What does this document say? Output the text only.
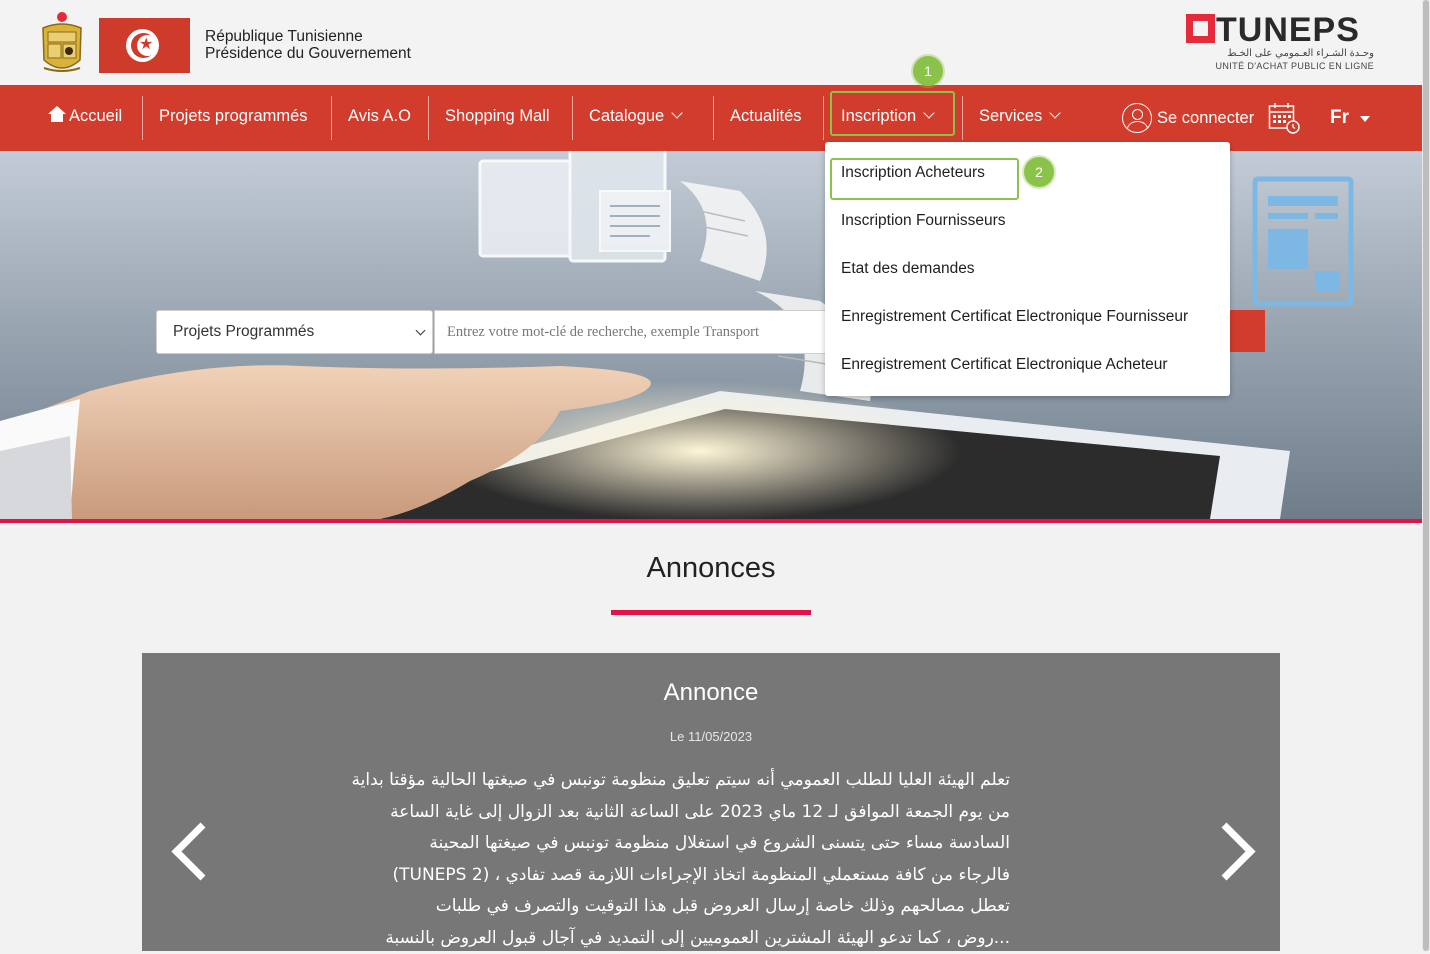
★	République Tunisienne
Présidence du Gouvernement
TUNEPS
وحـدة الشـراء العـمومي على الخـط
UNITÉ D'ACHAT PUBLIC EN LIGNE
Accueil Projets programmés Avis A.O Shopping Mall Catalogue	Actualités Inscription	Services	Se connecter	Fr
1
Projets Programmés	Entrez votre mot-clé de recherche, exemple Transport
Inscription Acheteurs
Inscription Fournisseurs
Etat des demandes
Enregistrement Certificat Electronique Fournisseur
Enregistrement Certificat Electronique Acheteur
2
Annonces
Annonce
Le 11/05/2023
تعلم الهيئة العليا للطلب العمومي أنه سيتم تعليق منظومة تونبس في صيغتها الحالية مؤقتا بداية
من يوم الجمعة الموافق لـ 12 ماي 2023 على الساعة الثانية بعد الزوال إلى غاية الساعة
السادسة مساء حتى يتسنى الشروع في استغلال منظومة تونبس في صيغتها المحينة
فالرجاء من كافة مستعملي المنظومة اتخاذ الإجراءات اللازمة قصد تفادي ، (TUNEPS 2)
تعطل مصالحهم وذلك خاصة إرسال العروض قبل هذا التوقيت والتصرف في طلبات
...روض ، كما تدعو الهيئة المشترين العموميين إلى التمديد في آجال قبول العروض بالنسبة
